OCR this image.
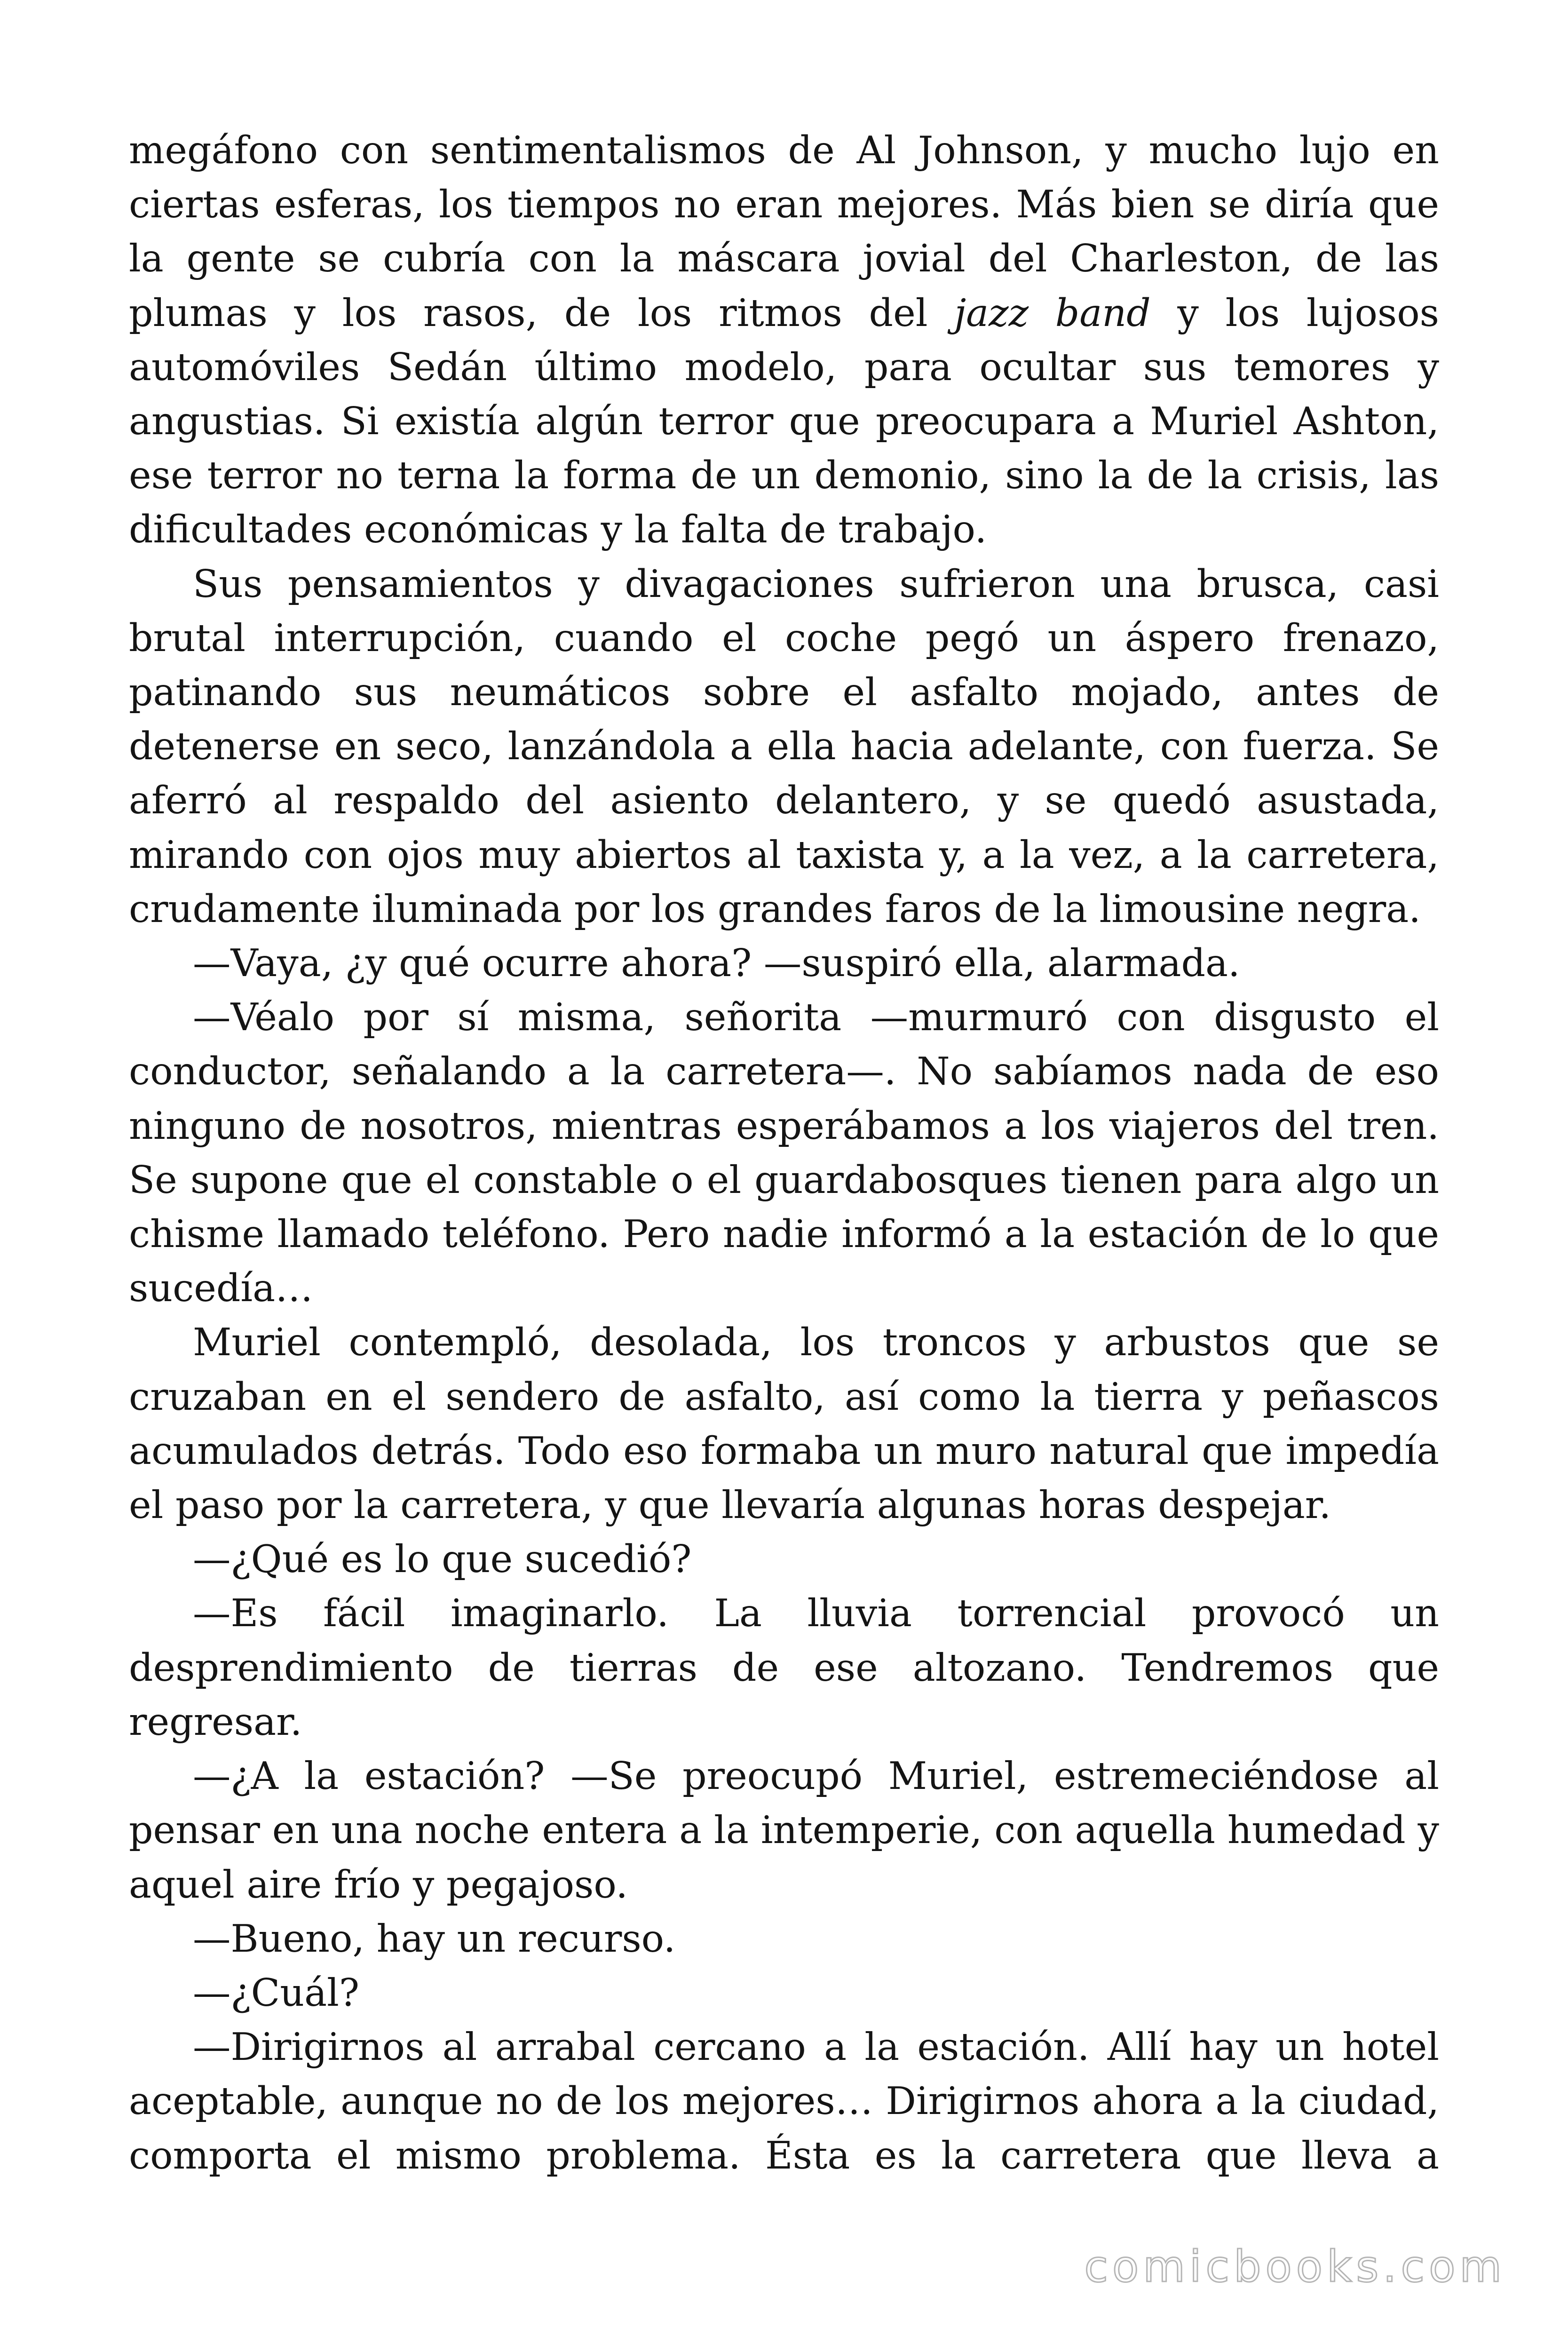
megáfono con sentimentalismos de Al Johnson, y mucho lujo en ciertas esferas, los tiempos no eran mejores. Más bien se diría que la gente se cubría con la máscara jovial del Charleston, de las plumas y los rasos, de los ritmos del jazz band y los lujosos automóviles Sedán último modelo, para ocultar sus temores y angustias. Si existía algún terror que preocupara a Muriel Ashton, ese terror no terna la forma de un demonio, sino la de la crisis, las dificultades económicas y la falta de trabajo.

Sus pensamientos y divagaciones sufrieron una brusca, casi brutal interrupción, cuando el coche pegó un áspero frenazo, patinando sus neumáticos sobre el asfalto mojado, antes de detenerse en seco, lanzándola a ella hacia adelante, con fuerza. Se aferró al respaldo del asiento delantero, y se quedó asustada, mirando con ojos muy abiertos al taxista y, a la vez, a la carretera, crudamente iluminada por los grandes faros de la limousine negra.

—Vaya, ¿y qué ocurre ahora? —suspiró ella, alarmada.

—Véalo por sí misma, señorita —murmuró con disgusto el conductor, señalando a la carretera—. No sabíamos nada de eso ninguno de nosotros, mientras esperábamos a los viajeros del tren. Se supone que el constable o el guardabosques tienen para algo un chisme llamado teléfono. Pero nadie informó a la estación de lo que sucedía…

Muriel contempló, desolada, los troncos y arbustos que se cruzaban en el sendero de asfalto, así como la tierra y peñascos acumulados detrás. Todo eso formaba un muro natural que impedía el paso por la carretera, y que llevaría algunas horas despejar.

—¿Qué es lo que sucedió?

—Es fácil imaginarlo. La lluvia torrencial provocó un desprendimiento de tierras de ese altozano. Tendremos que regresar.

—¿A la estación? —Se preocupó Muriel, estremeciéndose al pensar en una noche entera a la intemperie, con aquella humedad y aquel aire frío y pegajoso.

—Bueno, hay un recurso.

—¿Cuál?

—Dirigirnos al arrabal cercano a la estación. Allí hay un hotel aceptable, aunque no de los mejores… Dirigirnos ahora a la ciudad, comporta el mismo problema. Ésta es la carretera que lleva a

comicbooks.com
